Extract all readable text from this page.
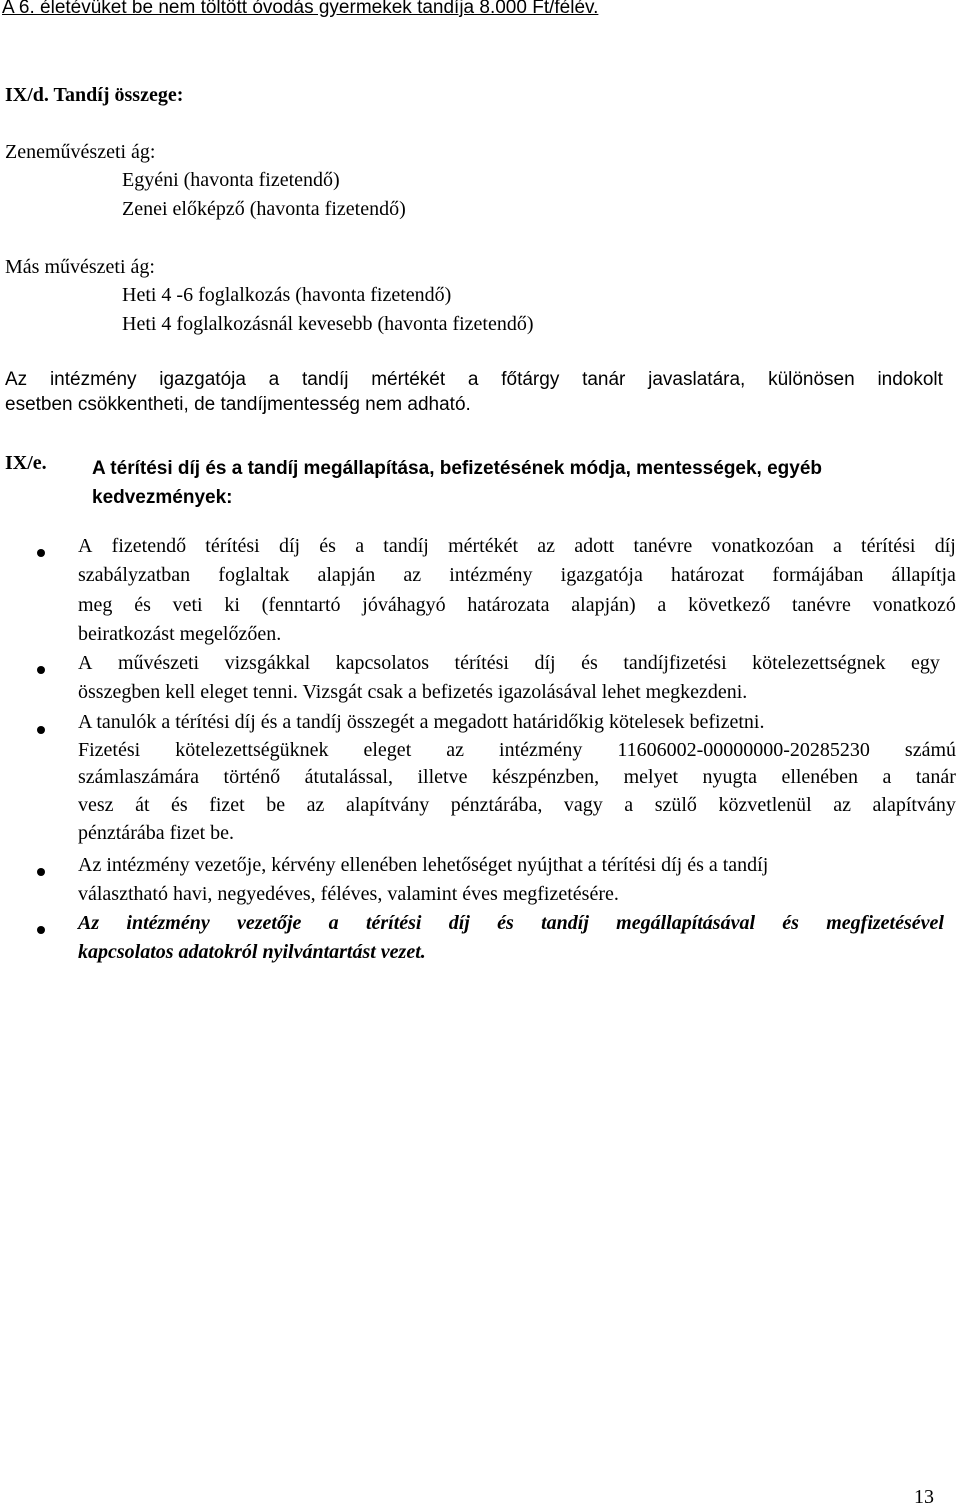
A 6. életévüket be nem töltött óvodás gyermekek tandíja 8.000 Ft/félév.

IX/d. Tandíj összege:

Zeneművészeti ág:

Egyéni (havonta fizetendő)

Zenei előképző (havonta fizetendő)

Más művészeti ág:

Heti 4 -6 foglalkozás (havonta fizetendő)

Heti 4 foglalkozásnál kevesebb (havonta fizetendő)

Az intézmény igazgatója a tandíj mértékét a főtárgy tanár javaslatára, különösen indokolt
esetben csökkentheti, de tandíjmentesség nem adható.

IX/e. A térítési díj és a tandíj megállapítása, befizetésének módja, mentességek, egyéb
kedvezmények:
A fizetendő térítési díj és a tandíj mértékét az adott tanévre vonatkozóan a térítési díj
szabályzatban foglaltak alapján az intézmény igazgatója határozat formájában állapítja
meg és veti ki (fenntartó jóváhagyó határozata alapján) a következő tanévre vonatkozó
beiratkozást megelőzően.
A művészeti vizsgákkal kapcsolatos térítési díj és tandíjfizetési kötelezettségnek egy
összegben kell eleget tenni. Vizsgát csak a befizetés igazolásával lehet megkezdeni.
A tanulók a térítési díj és a tandíj összegét a megadott határidőkig kötelesek befizetni.
Fizetési kötelezettségüknek eleget az intézmény 11606002-00000000-20285230 számú
számlaszámára történő átutalással, illetve készpénzben, melyet nyugta ellenében a tanár
vesz át és fizet be az alapítvány pénztárába, vagy a szülő közvetlenül az alapítvány
pénztárába fizet be.
Az intézmény vezetője, kérvény ellenében lehetőséget nyújthat a térítési díj és a tandíj
választható havi, negyedéves, féléves, valamint éves megfizetésére.
Az intézmény vezetője a térítési díj és tandíj megállapításával és megfizetésével
kapcsolatos adatokról nyilvántartást vezet.

13
